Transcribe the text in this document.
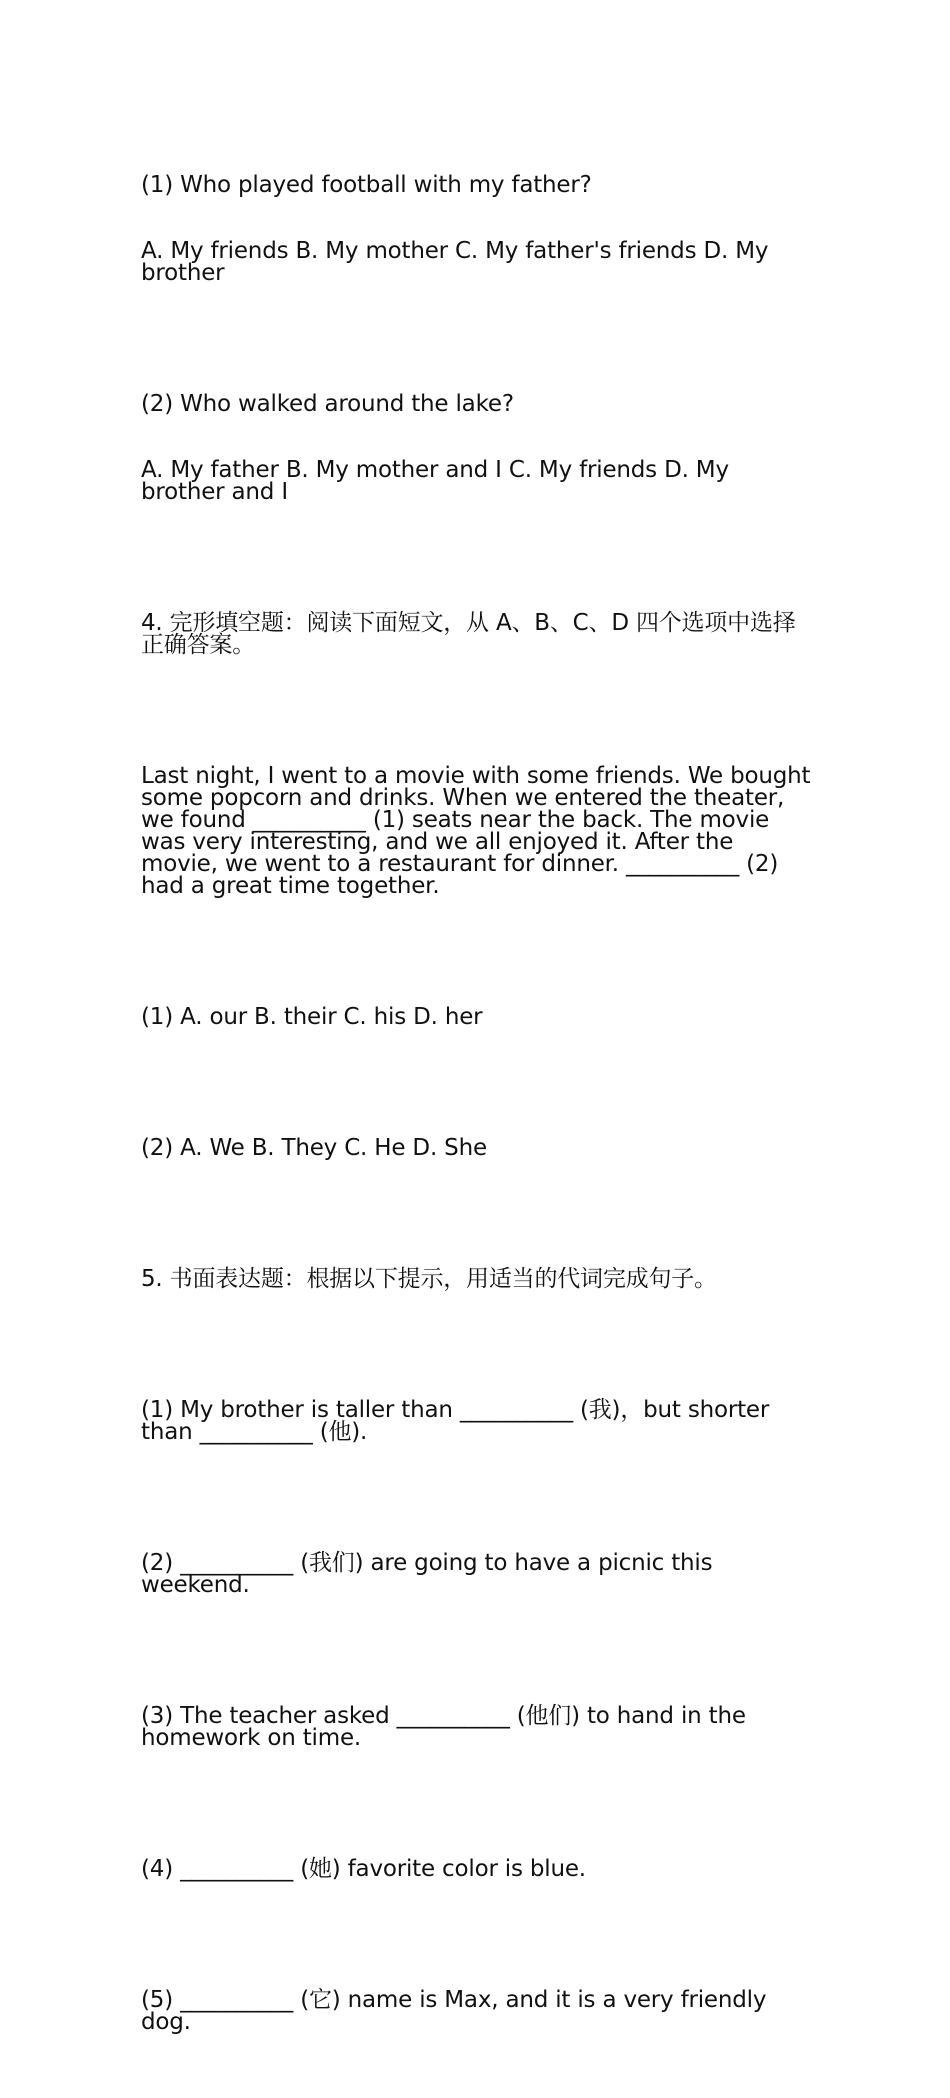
(1) Who played football with my father?

A. My friends B. My mother C. My father's friends D. My brother

(2) Who walked around the lake?

A. My father B. My mother and I C. My friends D. My brother and I

4. 完形填空题：阅读下面短文，从 A、B、C、D 四个选项中选择正确答案。

Last night, I went to a movie with some friends. We bought some popcorn and drinks. When we entered the theater, we found __________ (1) seats near the back. The movie was very interesting, and we all enjoyed it. After the movie, we went to a restaurant for dinner. __________ (2) had a great time together.

(1) A. our B. their C. his D. her

(2) A. We B. They C. He D. She

5. 书面表达题：根据以下提示，用适当的代词完成句子。

(1) My brother is taller than __________ (我)，but shorter than __________ (他).

(2) __________ (我们) are going to have a picnic this weekend.

(3) The teacher asked __________ (他们) to hand in the homework on time.

(4) __________ (她) favorite color is blue.

(5) __________ (它) name is Max, and it is a very friendly dog.
